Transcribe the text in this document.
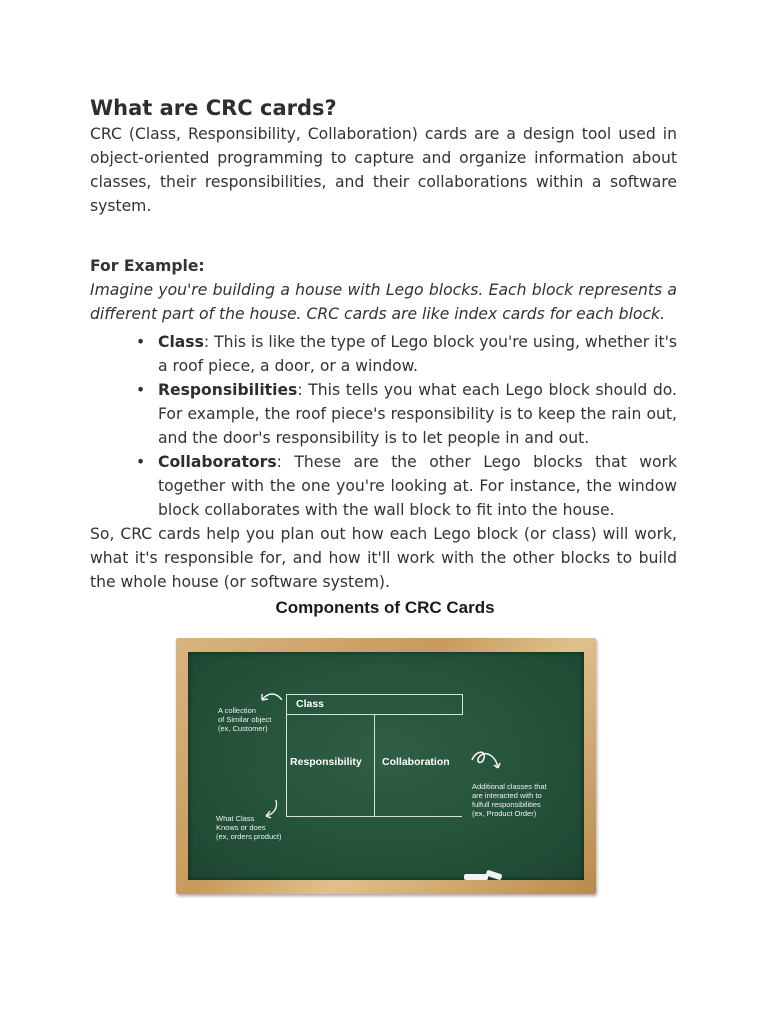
What are CRC cards?

CRC (Class, Responsibility, Collaboration) cards are a design tool used in object-oriented programming to capture and organize information about classes, their responsibilities, and their collaborations within a software system.

For Example:

Imagine you're building a house with Lego blocks. Each block represents a different part of the house. CRC cards are like index cards for each block.

• Class: This is like the type of Lego block you're using, whether it's a roof piece, a door, or a window.
• Responsibilities: This tells you what each Lego block should do. For example, the roof piece's responsibility is to keep the rain out, and the door's responsibility is to let people in and out.
• Collaborators: These are the other Lego blocks that work together with the one you're looking at. For instance, the window block collaborates with the wall block to fit into the house.

So, CRC cards help you plan out how each Lego block (or class) will work, what it's responsible for, and how it'll work with the other blocks to build the whole house (or software system).

Components of CRC Cards
Class
Responsibility Collaboration

A collection
of Similar object
(ex, Customer)

What Class
Knows or does
(ex, orders product)

Additional classes that
are interacted with to
fulfull responsibilities
(ex, Product Order)
